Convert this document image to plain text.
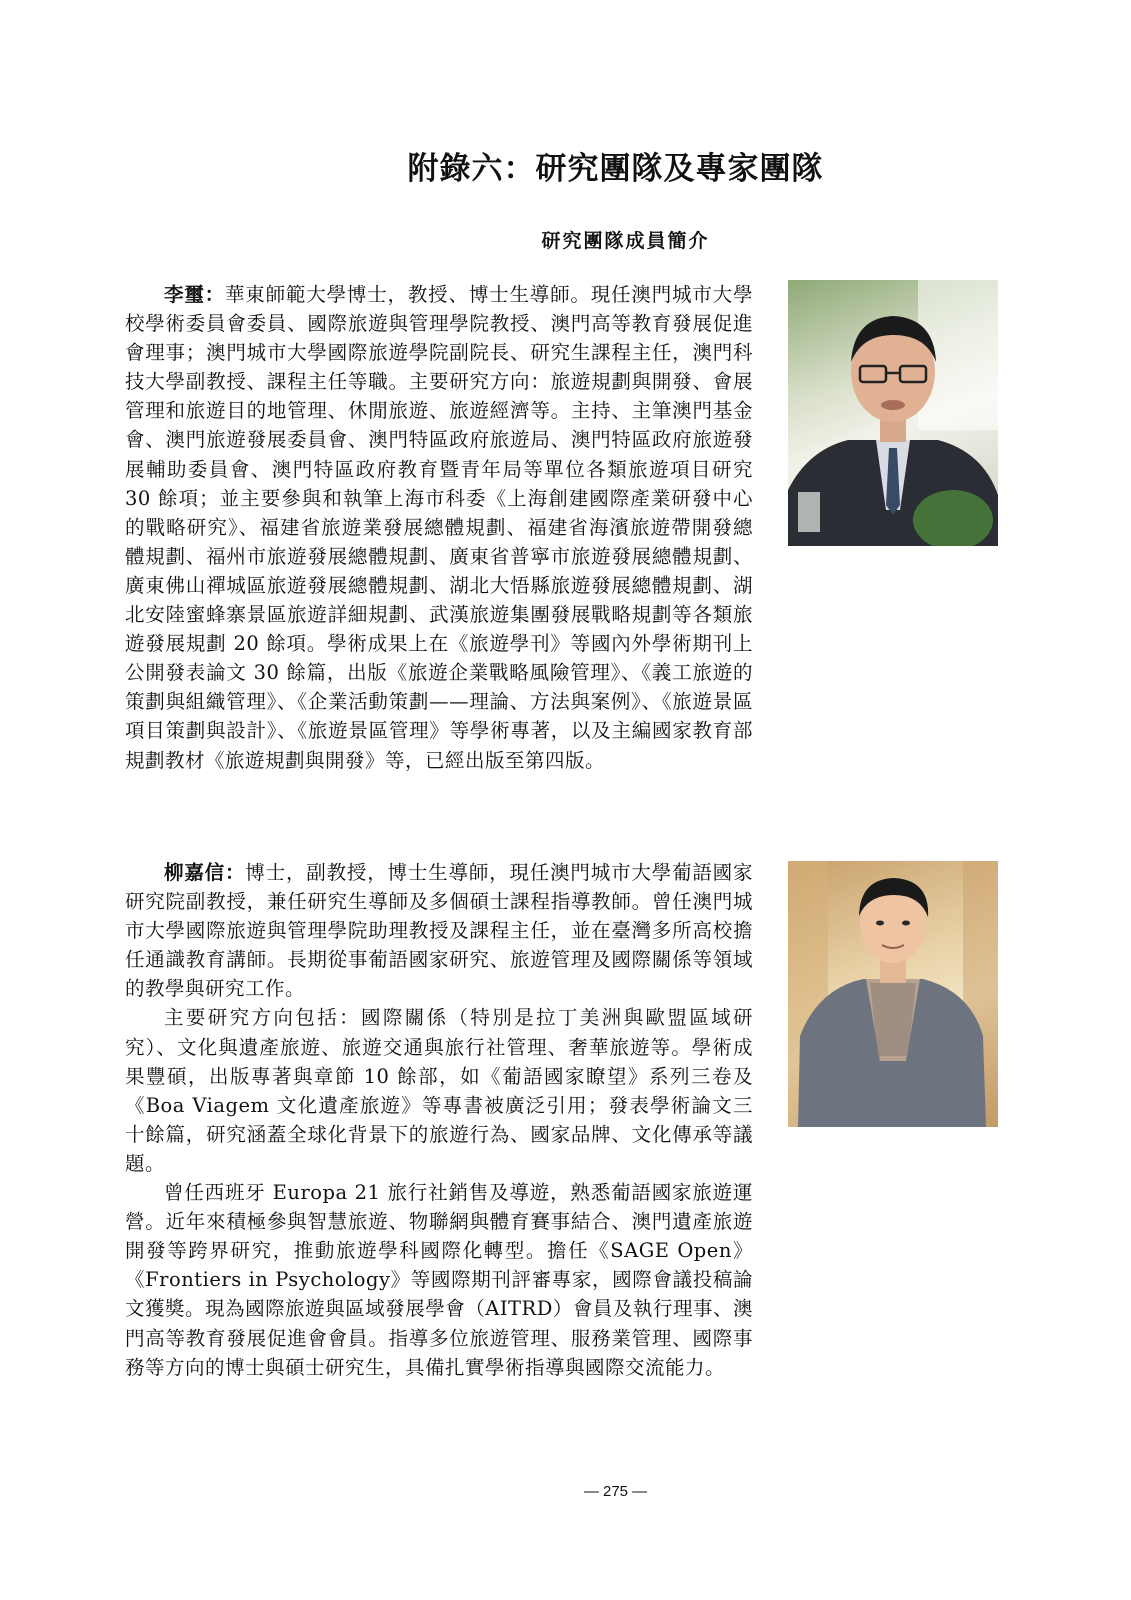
附錄六：研究團隊及專家團隊
研究團隊成員簡介

李璽：華東師範大學博士，教授、博士生導師。現任澳門城市大學校學術委員會委員、國際旅遊與管理學院教授、澳門高等教育發展促進會理事；澳門城市大學國際旅遊學院副院長、研究生課程主任，澳門科技大學副教授、課程主任等職。主要研究方向：旅遊規劃與開發、會展管理和旅遊目的地管理、休閒旅遊、旅遊經濟等。主持、主筆澳門基金會、澳門旅遊發展委員會、澳門特區政府旅遊局、澳門特區政府旅遊發展輔助委員會、澳門特區政府教育暨青年局等單位各類旅遊項目研究 30 餘項；並主要參與和執筆上海市科委《上海創建國際產業研發中心的戰略研究》、福建省旅遊業發展總體規劃、福建省海濱旅遊帶開發總體規劃、福州市旅遊發展總體規劃、廣東省普寧市旅遊發展總體規劃、廣東佛山禪城區旅遊發展總體規劃、湖北大悟縣旅遊發展總體規劃、湖北安陸蜜蜂寨景區旅遊詳細規劃、武漢旅遊集團發展戰略規劃等各類旅遊發展規劃 20 餘項。學術成果上在《旅遊學刊》等國內外學術期刊上公開發表論文 30 餘篇，出版《旅遊企業戰略風險管理》、《義工旅遊的策劃與組織管理》、《企業活動策劃——理論、方法與案例》、《旅遊景區項目策劃與設計》、《旅遊景區管理》等學術專著，以及主編國家教育部規劃教材《旅遊規劃與開發》等，已經出版至第四版。

柳嘉信：博士，副教授，博士生導師，現任澳門城市大學葡語國家研究院副教授，兼任研究生導師及多個碩士課程指導教師。曾任澳門城市大學國際旅遊與管理學院助理教授及課程主任，並在臺灣多所高校擔任通識教育講師。長期從事葡語國家研究、旅遊管理及國際關係等領域的教學與研究工作。

主要研究方向包括：國際關係（特別是拉丁美洲與歐盟區域研究）、文化與遺產旅遊、旅遊交通與旅行社管理、奢華旅遊等。學術成果豐碩，出版專著與章節 10 餘部，如《葡語國家瞭望》系列三卷及《Boa Viagem 文化遺產旅遊》等專書被廣泛引用；發表學術論文三十餘篇，研究涵蓋全球化背景下的旅遊行為、國家品牌、文化傳承等議題。

曾任西班牙 Europa 21 旅行社銷售及導遊，熟悉葡語國家旅遊運營。近年來積極參與智慧旅遊、物聯網與體育賽事結合、澳門遺產旅遊開發等跨界研究，推動旅遊學科國際化轉型。擔任《SAGE Open》《Frontiers in Psychology》等國際期刊評審專家，國際會議投稿論文獲獎。現為國際旅遊與區域發展學會（AITRD）會員及執行理事、澳門高等教育發展促進會會員。指導多位旅遊管理、服務業管理、國際事務等方向的博士與碩士研究生，具備扎實學術指導與國際交流能力。

— 275 —
